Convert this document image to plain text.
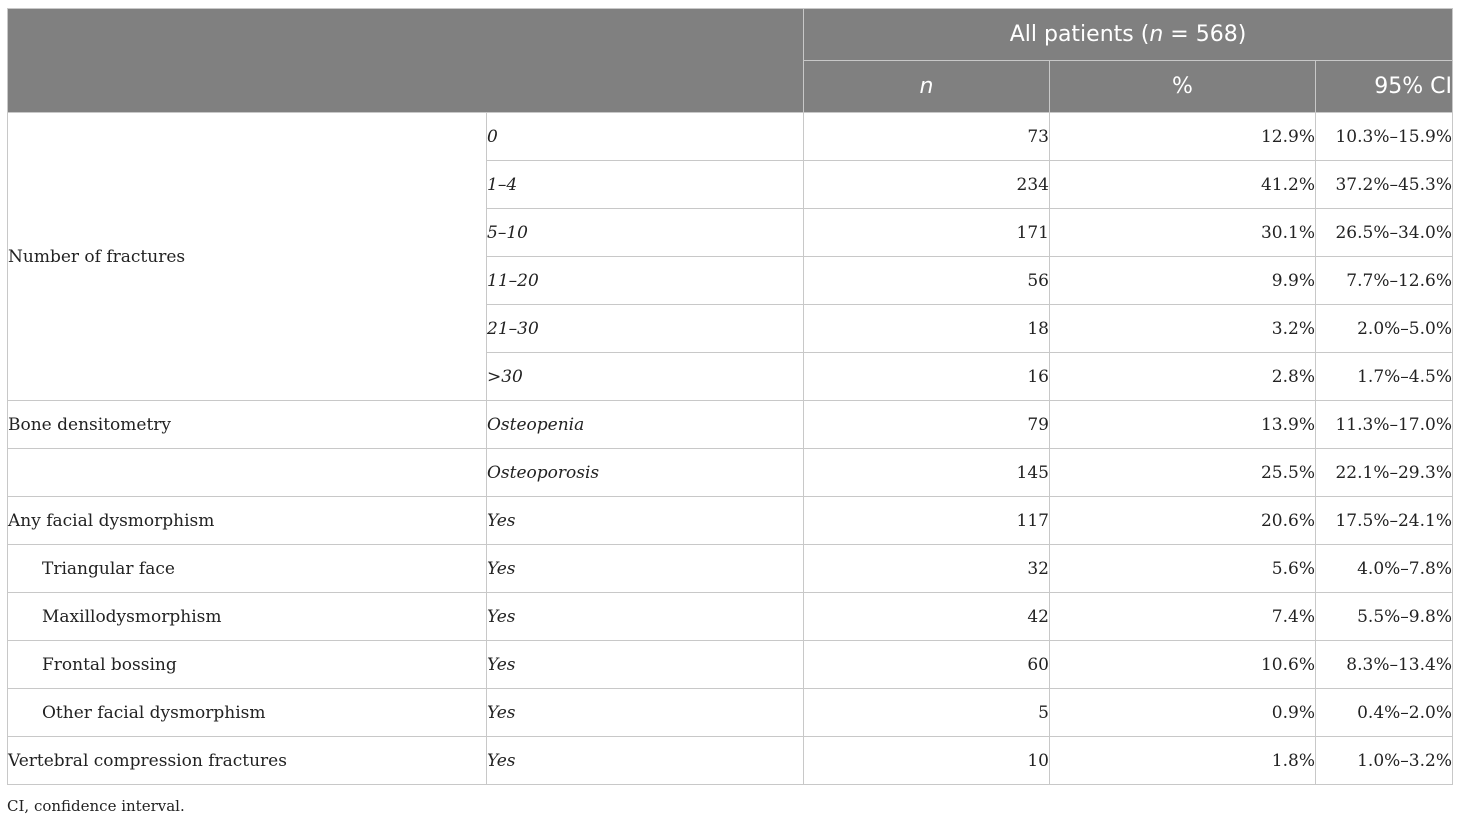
		All patients (n = 568)		
		n	%	95% CI
Number of fractures	0	73	12.9%	10.3%–15.9%
	1–4	234	41.2%	37.2%–45.3%
	5–10	171	30.1%	26.5%–34.0%
	11–20	56	9.9%	7.7%–12.6%
	21–30	18	3.2%	2.0%–5.0%
	>30	16	2.8%	1.7%–4.5%
Bone densitometry	Osteopenia	79	13.9%	11.3%–17.0%
	Osteoporosis	145	25.5%	22.1%–29.3%
Any facial dysmorphism	Yes	117	20.6%	17.5%–24.1%
Triangular face	Yes	32	5.6%	4.0%–7.8%
Maxillodysmorphism	Yes	42	7.4%	5.5%–9.8%
Frontal bossing	Yes	60	10.6%	8.3%–13.4%
Other facial dysmorphism	Yes	5	0.9%	0.4%–2.0%
Vertebral compression fractures	Yes	10	1.8%	1.0%–3.2%
CI, confidence interval.
